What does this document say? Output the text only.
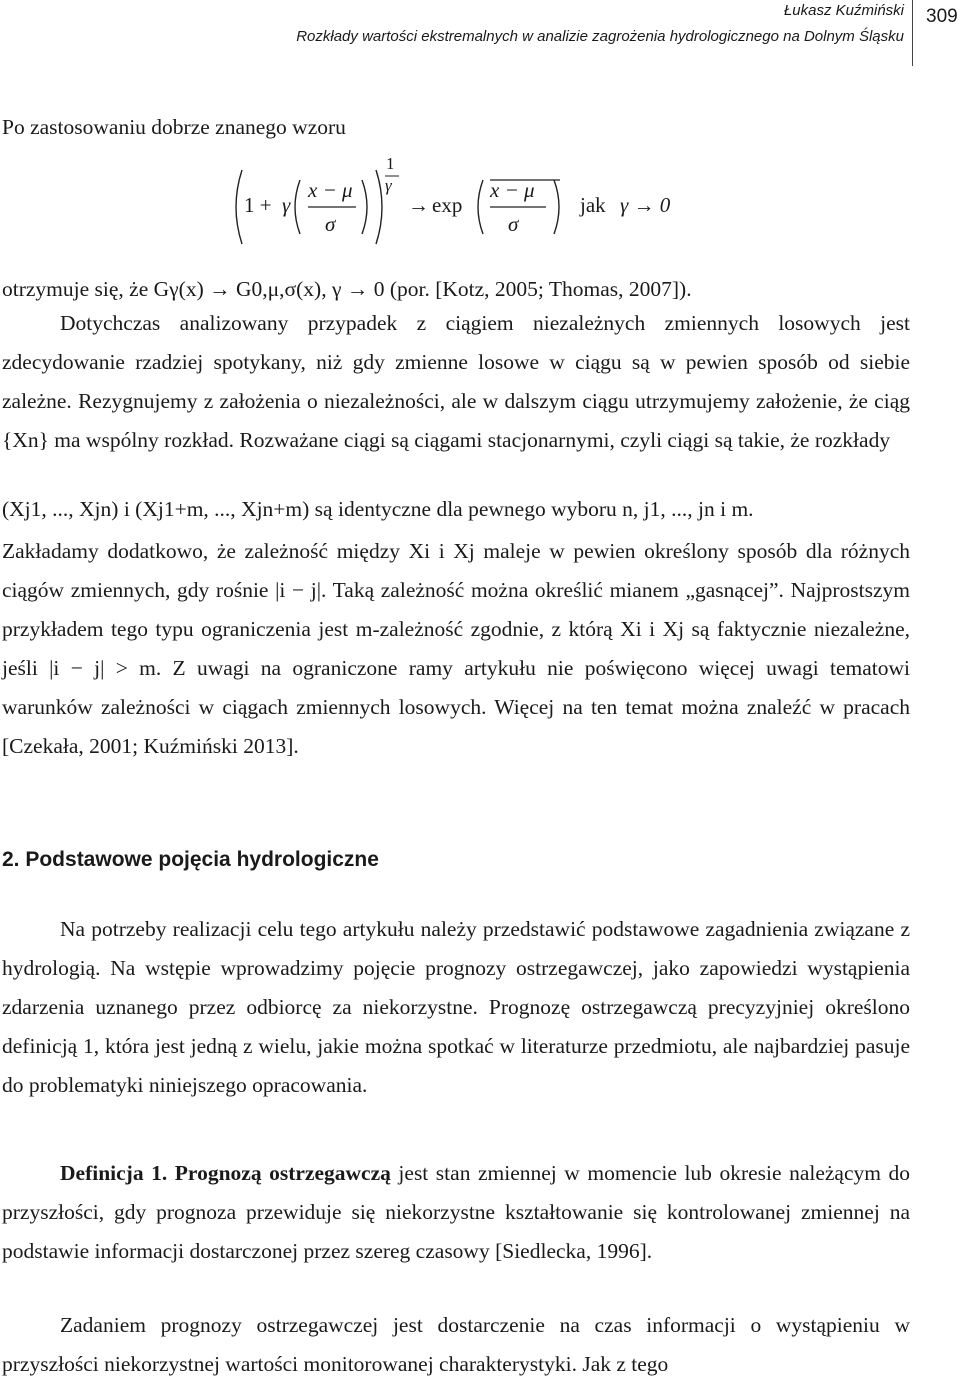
Łukasz Kuźmiński
Rozkłady wartości ekstremalnych w analizie zagrożenia hydrologicznego na Dolnym Śląsku
309

Po zastosowaniu dobrze znanego wzoru

1 + γ
x − μ
σ
1
γ
→ exp
x − μ
σ
jak γ → 0

otrzymuje się, że Gγ(x) → G0,μ,σ(x), γ → 0 (por. [Kotz, 2005; Thomas, 2007]).

Dotychczas analizowany przypadek z ciągiem niezależnych zmiennych losowych jest zdecydowanie rzadziej spotykany, niż gdy zmienne losowe w ciągu są w pewien sposób od siebie zależne. Rezygnujemy z założenia o niezależności, ale w dalszym ciągu utrzymujemy założenie, że ciąg {Xn} ma wspólny rozkład. Rozważane ciągi są ciągami stacjonarnymi, czyli ciągi są takie, że rozkłady

(Xj1, ..., Xjn) i (Xj1+m, ..., Xjn+m) są identyczne dla pewnego wyboru n, j1, ..., jn i m.

Zakładamy dodatkowo, że zależność między Xi i Xj maleje w pewien określony sposób dla różnych ciągów zmiennych, gdy rośnie |i − j|. Taką zależność można określić mianem „gasnącej”. Najprostszym przykładem tego typu ograniczenia jest m-zależność zgodnie, z którą Xi i Xj są faktycznie niezależne, jeśli |i − j| > m. Z uwagi na ograniczone ramy artykułu nie poświęcono więcej uwagi tematowi warunków zależności w ciągach zmiennych losowych. Więcej na ten temat można znaleźć w pracach [Czekała, 2001; Kuźmiński 2013].

2. Podstawowe pojęcia hydrologiczne

Na potrzeby realizacji celu tego artykułu należy przedstawić podstawowe zagadnienia związane z hydrologią. Na wstępie wprowadzimy pojęcie prognozy ostrzegawczej, jako zapowiedzi wystąpienia zdarzenia uznanego przez odbiorcę za niekorzystne. Prognozę ostrzegawczą precyzyjniej określono definicją 1, która jest jedną z wielu, jakie można spotkać w literaturze przedmiotu, ale najbardziej pasuje do problematyki niniejszego opracowania.

Definicja 1. Prognozą ostrzegawczą jest stan zmiennej w momencie lub okresie należącym do przyszłości, gdy prognoza przewiduje się niekorzystne kształtowanie się kontrolowanej zmiennej na podstawie informacji dostarczonej przez szereg czasowy [Siedlecka, 1996].

Zadaniem prognozy ostrzegawczej jest dostarczenie na czas informacji o wystąpieniu w przyszłości niekorzystnej wartości monitorowanej charakterystyki. Jak z tego
